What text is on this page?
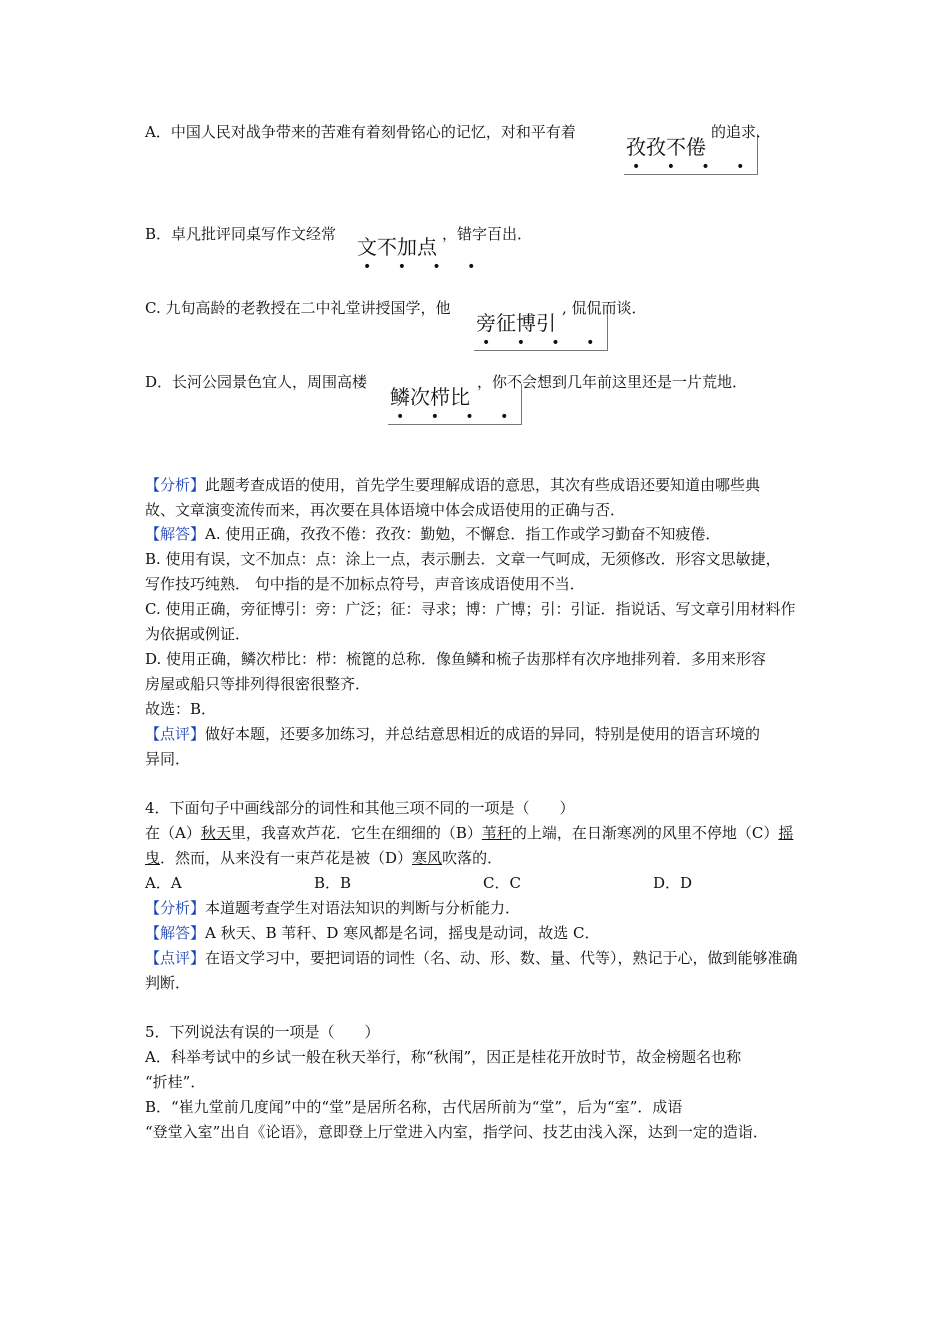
A．中国人民对战争带来的苦难有着刻骨铭心的记忆，对和平有着
孜孜不倦
• • • •
的追求．
B．卓凡批评同桌写作文经常
文不加点
• • • •
，错字百出．
C. 九旬高龄的老教授在二中礼堂讲授国学，他
旁征博引
• • • •
, 侃侃而谈．
D．长河公园景色宜人，周围高楼
鳞次栉比
• • • •
，你不会想到几年前这里还是一片荒地．
【分析】此题考查成语的使用，首先学生要理解成语的意思，其次有些成语还要知道由哪些典
故、文章演变流传而来，再次要在具体语境中体会成语使用的正确与否．
【解答】A. 使用正确，孜孜不倦：孜孜：勤勉，不懈怠．指工作或学习勤奋不知疲倦．
B. 使用有误，文不加点：点：涂上一点，表示删去．文章一气呵成，无须修改．形容文思敏捷，
写作技巧纯熟． 句中指的是不加标点符号，声音该成语使用不当．
C. 使用正确，旁征博引：旁：广泛；征：寻求；博：广博；引：引证．指说话、写文章引用材料作
为依据或例证．
D. 使用正确，鳞次栉比：栉：梳篦的总称．像鱼鳞和梳子齿那样有次序地排列着．多用来形容
房屋或船只等排列得很密很整齐．
故选：B．
【点评】做好本题，还要多加练习，并总结意思相近的成语的异同，特别是使用的语言环境的
异同．
4．下面句子中画线部分的词性和其他三项不同的一项是（　　）
在（A）秋天里，我喜欢芦花．它生在细细的（B）苇秆的上端，在日渐寒冽的风里不停地（C）摇
曳．然而，从来没有一束芦花是被（D）寒风吹落的．
A．A	B．B	C．C	D．D
【分析】本道题考查学生对语法知识的判断与分析能力．
【解答】A 秋天、B 苇秆、D 寒风都是名词，摇曳是动词，故选 C．
【点评】在语文学习中，要把词语的词性（名、动、形、数、量、代等），熟记于心，做到能够准确
判断．
5．下列说法有误的一项是（　　）
A．科举考试中的乡试一般在秋天举行，称“秋闱”，因正是桂花开放时节，故金榜题名也称
“折桂”．
B．“崔九堂前几度闻”中的“堂”是居所名称，古代居所前为“堂”，后为“室”．成语
“登堂入室”出自《论语》，意即登上厅堂进入内室，指学问、技艺由浅入深，达到一定的造诣．
